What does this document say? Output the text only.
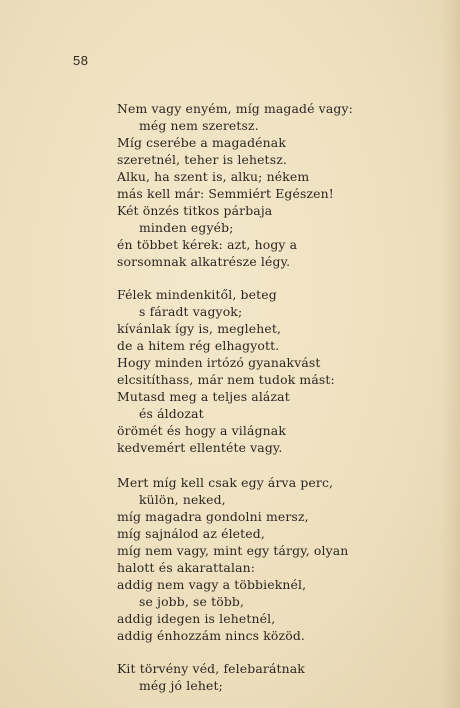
58
Nem vagy enyém, míg magadé vagy:
még nem szeretsz.
Míg cserébe a magadénak
szeretnél, teher is lehetsz.
Alku, ha szent is, alku; nékem
más kell már: Semmiért Egészen!
Két önzés titkos párbaja
minden egyéb;
én többet kérek: azt, hogy a
sorsomnak alkatrésze légy.
Félek mindenkitől, beteg
s fáradt vagyok;
kívánlak így is, meglehet,
de a hitem rég elhagyott.
Hogy minden irtózó gyanakvást
elcsitíthass, már nem tudok mást:
Mutasd meg a teljes alázat
és áldozat
örömét és hogy a világnak
kedvemért ellentéte vagy.
Mert míg kell csak egy árva perc,
külön, neked,
míg magadra gondolni mersz,
míg sajnálod az életed,
míg nem vagy, mint egy tárgy, olyan
halott és akarattalan:
addig nem vagy a többieknél,
se jobb, se több,
addig idegen is lehetnél,
addig énhozzám nincs közöd.
Kit törvény véd, felebarátnak
még jó lehet;
